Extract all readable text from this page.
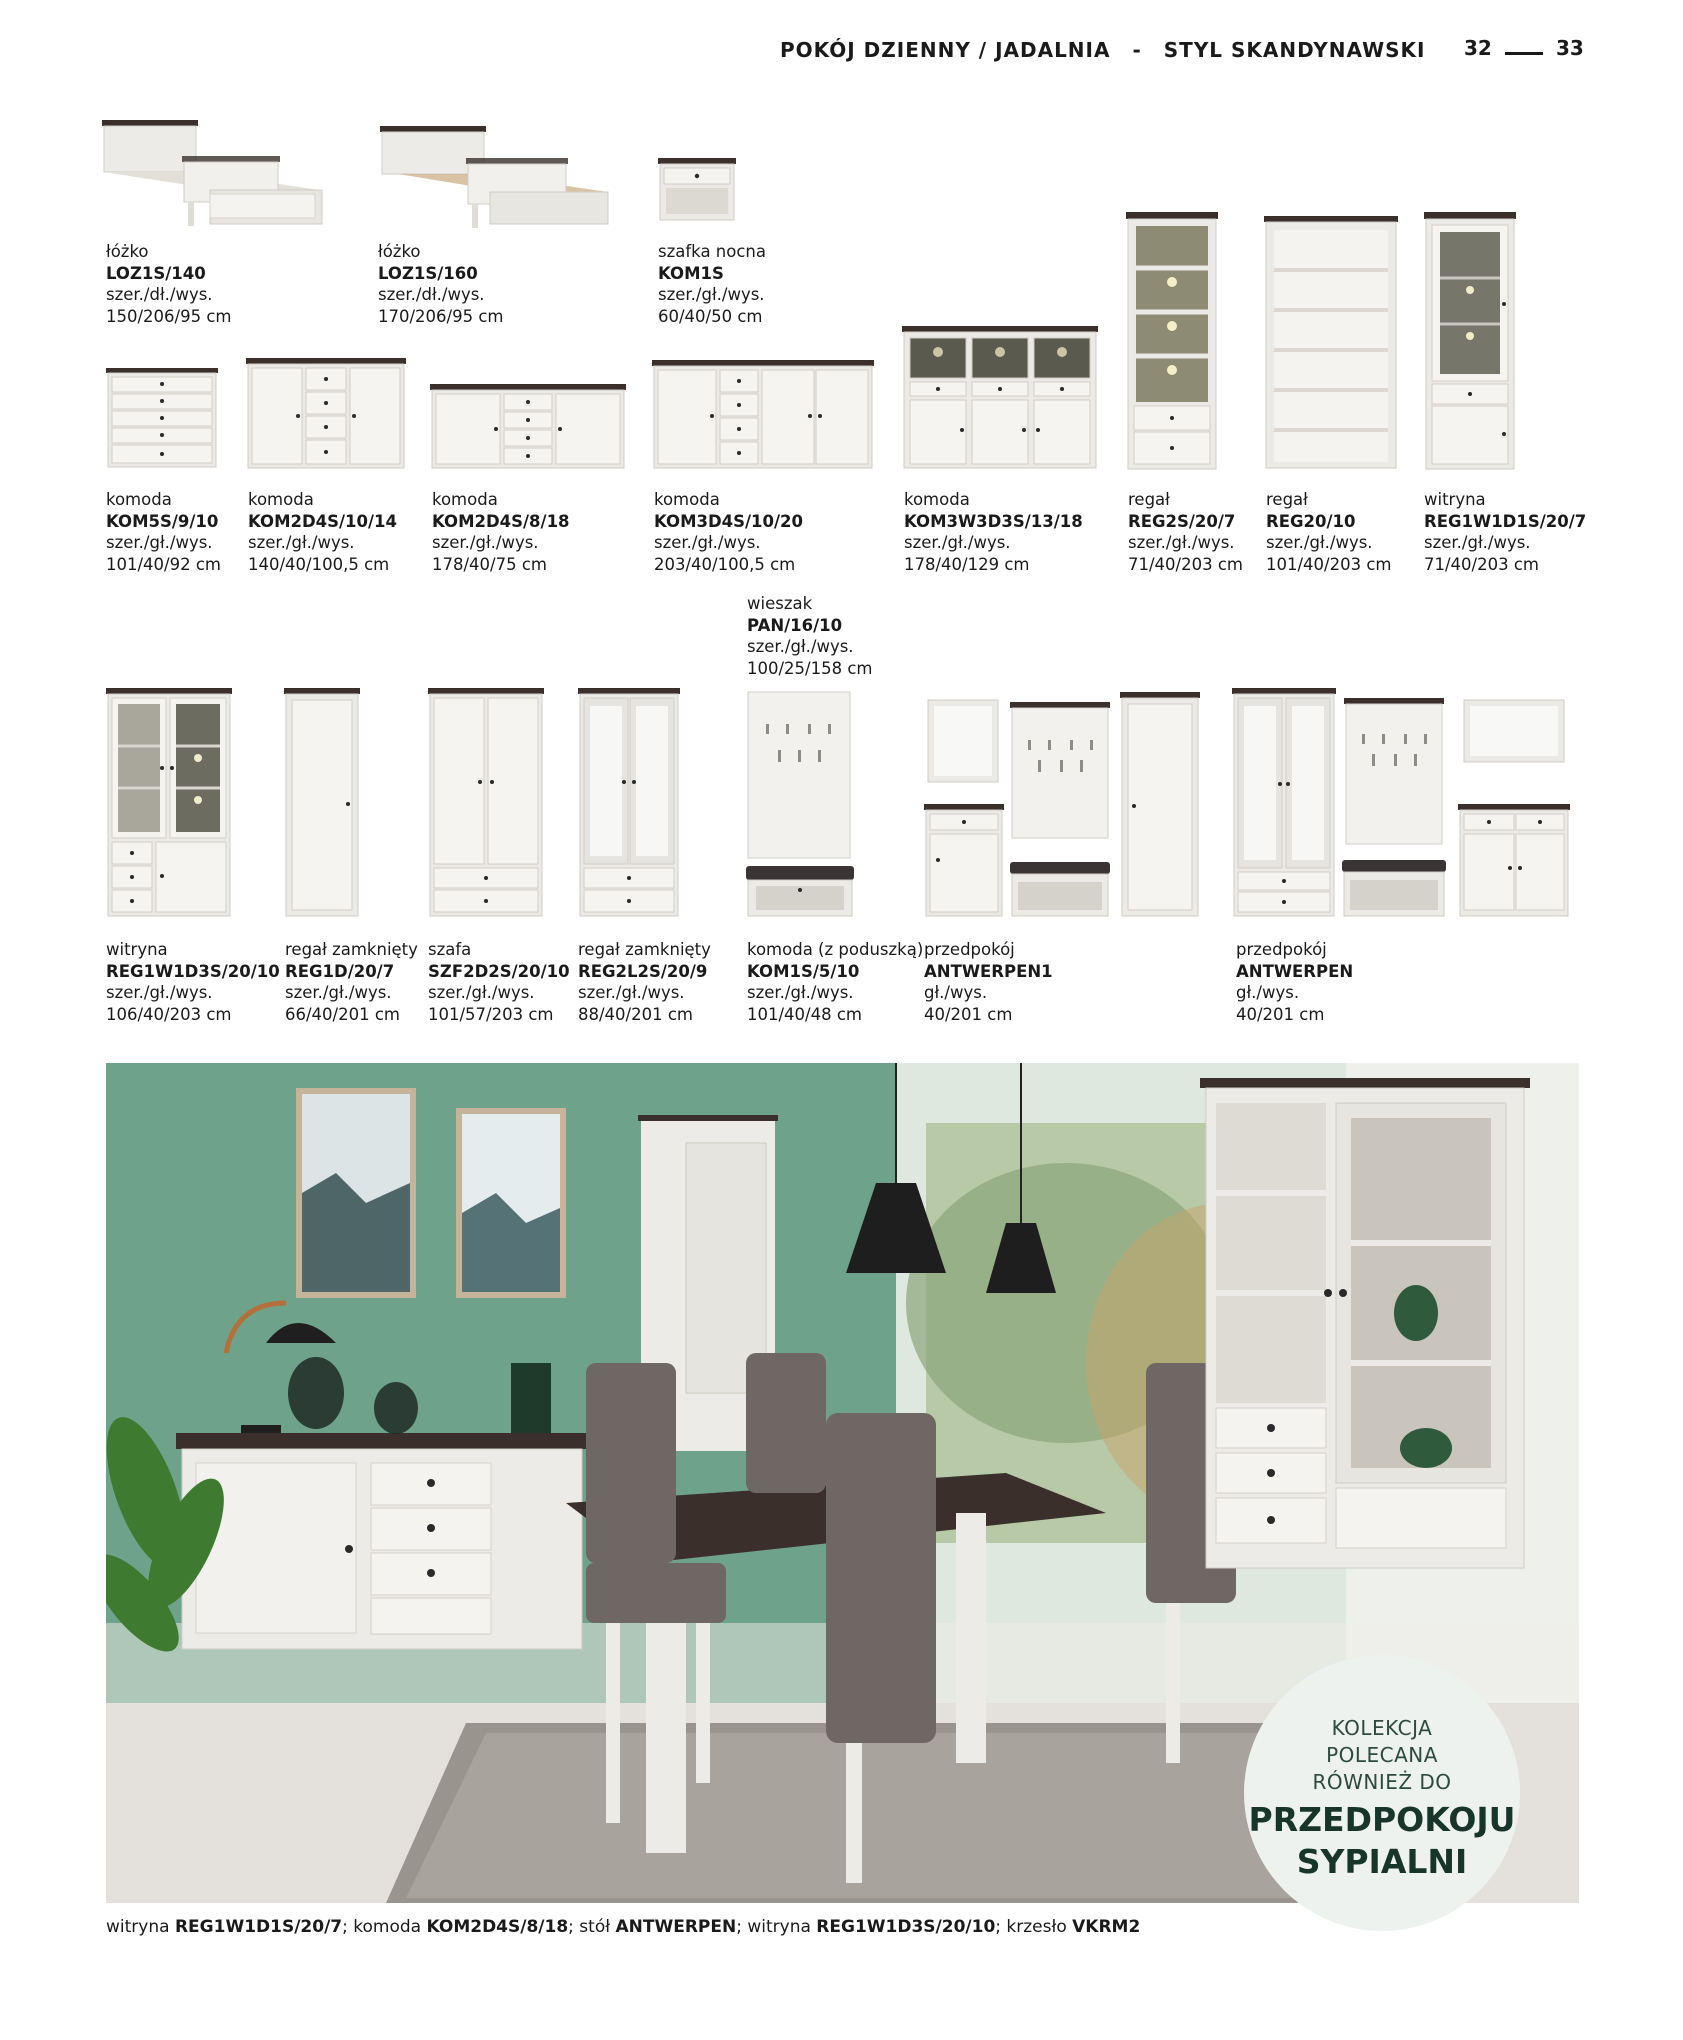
POKÓJ DZIENNY / JADALNIA - STYL SKANDYNAWSKI 32	33
łóżko
LOZ1S/140
szer./dł./wys.
150/206/95 cm
łóżko
LOZ1S/160
szer./dł./wys.
170/206/95 cm
szafka nocna
KOM1S
szer./gł./wys.
60/40/50 cm
komoda
KOM5S/9/10
szer./gł./wys.
101/40/92 cm
komoda
KOM2D4S/10/14
szer./gł./wys.
140/40/100,5 cm
komoda
KOM2D4S/8/18
szer./gł./wys.
178/40/75 cm
komoda
KOM3D4S/10/20
szer./gł./wys.
203/40/100,5 cm
komoda
KOM3W3D3S/13/18
szer./gł./wys.
178/40/129 cm
regał
REG2S/20/7
szer./gł./wys.
71/40/203 cm
regał
REG20/10
szer./gł./wys.
101/40/203 cm
witryna
REG1W1D1S/20/7
szer./gł./wys.
71/40/203 cm
wieszak
PAN/16/10
szer./gł./wys.
100/25/158 cm
witryna
REG1W1D3S/20/10
szer./gł./wys.
106/40/203 cm
regał zamknięty
REG1D/20/7
szer./gł./wys.
66/40/201 cm
szafa
SZF2D2S/20/10
szer./gł./wys.
101/57/203 cm
regał zamknięty
REG2L2S/20/9
szer./gł./wys.
88/40/201 cm
komoda (z poduszką)
KOM1S/5/10
szer./gł./wys.
101/40/48 cm
przedpokój
ANTWERPEN1
gł./wys.
40/201 cm
przedpokój
ANTWERPEN
gł./wys.
40/201 cm
KOLEKCJA
POLECANA
RÓWNIEŻ DO
PRZEDPOKOJU
SYPIALNI
witryna REG1W1D1S/20/7; komoda KOM2D4S/8/18; stół ANTWERPEN; witryna REG1W1D3S/20/10; krzesło VKRM2
